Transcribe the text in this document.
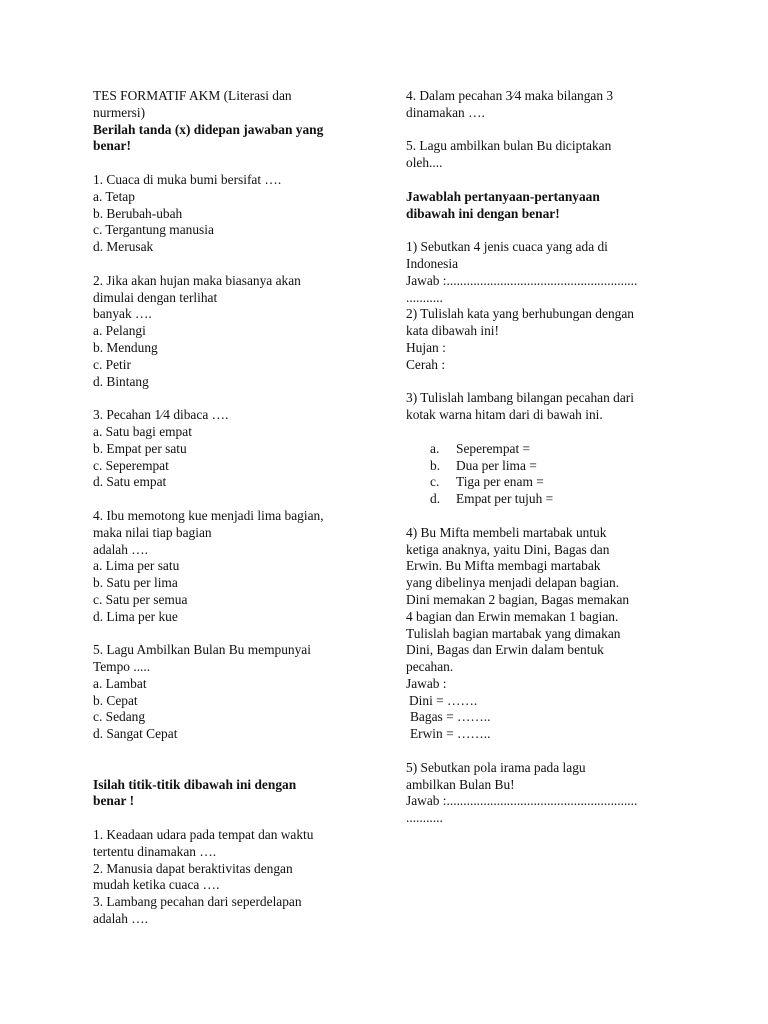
TES FORMATIF AKM (Literasi dan
nurmersi)
Berilah tanda (x) didepan jawaban yang
benar!
1. Cuaca di muka bumi bersifat ….
a. Tetap
b. Berubah-ubah
c. Tergantung manusia
d. Merusak
2. Jika akan hujan maka biasanya akan
dimulai dengan terlihat
banyak ….
a. Pelangi
b. Mendung
c. Petir
d. Bintang
3. Pecahan 1⁄4 dibaca ….
a. Satu bagi empat
b. Empat per satu
c. Seperempat
d. Satu empat
4. Ibu memotong kue menjadi lima bagian,
maka nilai tiap bagian
adalah ….
a. Lima per satu
b. Satu per lima
c. Satu per semua
d. Lima per kue
5. Lagu Ambilkan Bulan Bu mempunyai
Tempo .....
a. Lambat
b. Cepat
c. Sedang
d. Sangat Cepat
Isilah titik-titik dibawah ini dengan
benar !
1. Keadaan udara pada tempat dan waktu
tertentu dinamakan ….
2. Manusia dapat beraktivitas dengan
mudah ketika cuaca ….
3. Lambang pecahan dari seperdelapan
adalah ….
4. Dalam pecahan 3⁄4 maka bilangan 3
dinamakan ….
5. Lagu ambilkan bulan Bu diciptakan
oleh....
Jawablah pertanyaan-pertanyaan
dibawah ini dengan benar!
1) Sebutkan 4 jenis cuaca yang ada di
Indonesia
Jawab :.........................................................
...........
2) Tulislah kata yang berhubungan dengan
kata dibawah ini!
Hujan :
Cerah :
3) Tulislah lambang bilangan pecahan dari
kotak warna hitam dari di bawah ini.
a.	Seperempat =
b.	Dua per lima =
c.	Tiga per enam =
d.	Empat per tujuh =
4) Bu Mifta membeli martabak untuk
ketiga anaknya, yaitu Dini, Bagas dan
Erwin. Bu Mifta membagi martabak
yang dibelinya menjadi delapan bagian.
Dini memakan 2 bagian, Bagas memakan
4 bagian dan Erwin memakan 1 bagian.
Tulislah bagian martabak yang dimakan
Dini, Bagas dan Erwin dalam bentuk
pecahan.
Jawab :
Dini = …….
Bagas = ……..
Erwin = ……..
5) Sebutkan pola irama pada lagu
ambilkan Bulan Bu!
Jawab :.........................................................
...........
